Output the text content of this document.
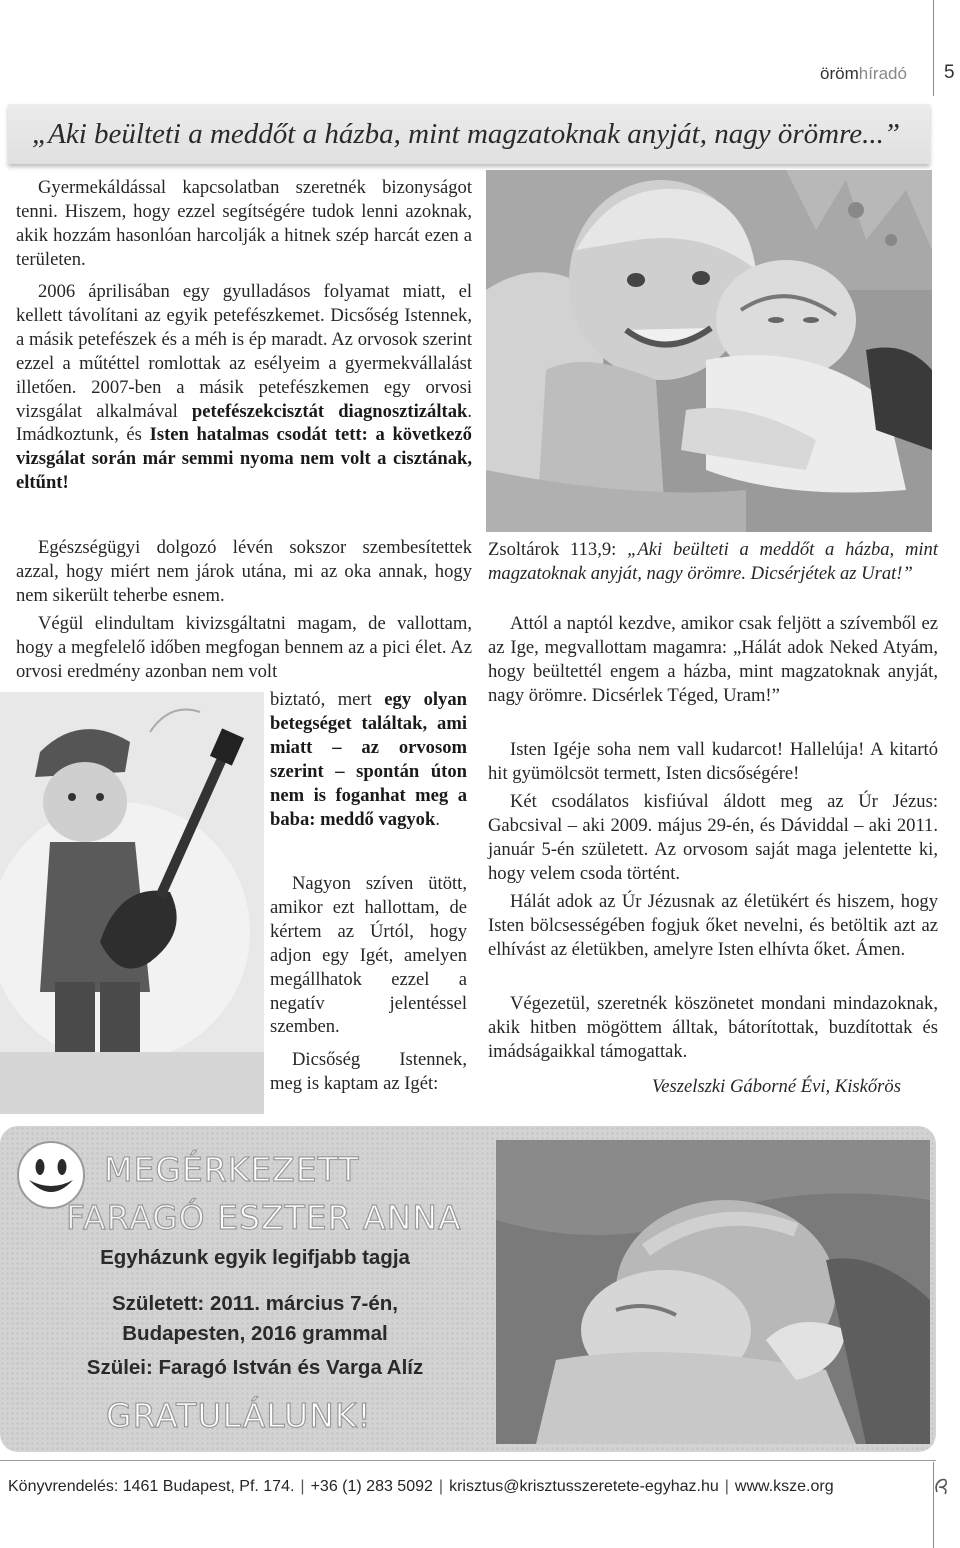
örömhíradó 5
„Aki beülteti a meddőt a házba, mint magzatoknak anyját, nagy örömre...”

Gyermekáldással kapcsolatban szeretnék bizonyságot tenni. Hiszem, hogy ezzel segítségére tudok lenni azoknak, akik hozzám hasonlóan harcolják a hitnek szép harcát ezen a területen.

2006 áprilisában egy gyulladásos folyamat miatt, el kellett távolítani az egyik petefészkemet. Dicsőség Istennek, a másik petefészek és a méh is ép maradt. Az orvosok szerint ezzel a műtéttel romlottak az esélyeim a gyermekvállalást illetően. 2007-ben a másik petefészkemen egy orvosi vizsgálat alkalmával petefészekcisztát diagnosztizáltak. Imádkoztunk, és Isten hatalmas csodát tett: a következő vizsgálat során már semmi nyoma nem volt a cisztának, eltűnt!

Egészségügyi dolgozó lévén sokszor szembesítettek azzal, hogy miért nem járok utána, mi az oka annak, hogy nem sikerült teherbe esnem.

Végül elindultam kivizsgáltatni magam, de vallottam, hogy a megfelelő időben megfogan bennem az a pici élet. Az orvosi eredmény azonban nem volt

biztató, mert egy olyan betegséget találtak, ami miatt – az orvosom szerint – spontán úton nem is foganhat meg a baba: meddő vagyok.

Nagyon szíven ütött, amikor ezt hallottam, de kértem az Úrtól, hogy adjon egy Igét, amelyen megállhatok ezzel a negatív jelentéssel szemben.

Dicsőség Istennek, meg is kaptam az Igét:

Zsoltárok 113,9: „Aki beülteti a meddőt a házba, mint magzatoknak anyját, nagy örömre. Dicsérjétek az Urat!”

Attól a naptól kezdve, amikor csak feljött a szívemből ez az Ige, megvallottam magamra: „Hálát adok Neked Atyám, hogy beültettél engem a házba, mint magzatoknak anyját, nagy örömre. Dicsérlek Téged, Uram!”

Isten Igéje soha nem vall kudarcot! Hallelúja! A kitartó hit gyümölcsöt termett, Isten dicsőségére!

Két csodálatos kisfiúval áldott meg az Úr Jézus: Gabcsival – aki 2009. május 29-én, és Dáviddal – aki 2011. január 5-én született. Az orvosom saját maga jelentette ki, hogy velem csoda történt.

Hálát adok az Úr Jézusnak az életükért és hiszem, hogy Isten bölcsességében fogjuk őket nevelni, és betöltik azt az elhívást az életükben, amelyre Isten elhívta őket. Ámen.

Végezetül, szeretnék köszönetet mondani mindazoknak, akik hitben mögöttem álltak, bátorítottak, buzdítottak és imádságaikkal támogattak.

Veszelszki Gáborné Évi, Kiskőrös
MEGÉRKEZETT
FARAGÓ ESZTER ANNA
Egyházunk egyik legifjabb tagja
Született: 2011. március 7-én,
Budapesten, 2016 grammal
Szülei: Faragó István és Varga Alíz
GRATULÁLUNK!
Könyvrendelés: 1461 Budapest, Pf. 174. | +36 (1) 283 5092 | krisztus@krisztusszeretete-egyhaz.hu | www.ksze.org
